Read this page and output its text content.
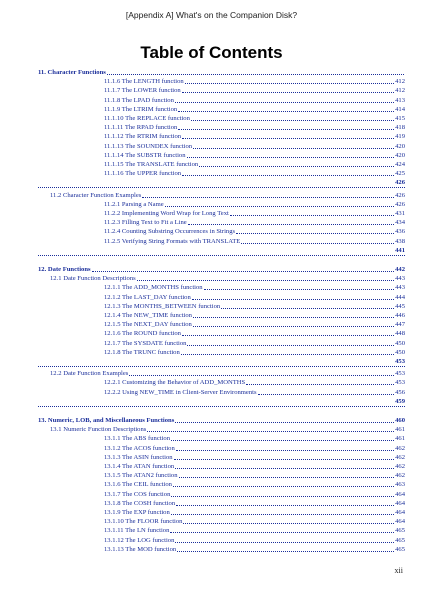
[Appendix A] What's on the Companion Disk?
Table of Contents
11. Character Functions
11.1.6 The LENGTH function	412
11.1.7 The LOWER function	412
11.1.8 The LPAD function	413
11.1.9 The LTRIM function	414
11.1.10 The REPLACE function	415
11.1.11 The RPAD function	418
11.1.12 The RTRIM function	419
11.1.13 The SOUNDEX function	420
11.1.14 The SUBSTR function	420
11.1.15 The TRANSLATE function	424
11.1.16 The UPPER function	425
426
11.2 Character Function Examples	426
11.2.1 Parsing a Name	426
11.2.2 Implementing Word Wrap for Long Text	431
11.2.3 Filling Text to Fit a Line	434
11.2.4 Counting Substring Occurrences in Strings	436
11.2.5 Verifying String Formats with TRANSLATE	438
441
12. Date Functions	442
12.1 Date Function Descriptions	443
12.1.1 The ADD_MONTHS function	443
12.1.2 The LAST_DAY function	444
12.1.3 The MONTHS_BETWEEN function	445
12.1.4 The NEW_TIME function	446
12.1.5 The NEXT_DAY function	447
12.1.6 The ROUND function	448
12.1.7 The SYSDATE function	450
12.1.8 The TRUNC function	450
453
12.2 Date Function Examples	453
12.2.1 Customizing the Behavior of ADD_MONTHS	453
12.2.2 Using NEW_TIME in Client-Server Environments	456
459
13. Numeric, LOB, and Miscellaneous Functions	460
13.1 Numeric Function Descriptions	461
13.1.1 The ABS function	461
13.1.2 The ACOS function	462
13.1.3 The ASIN function	462
13.1.4 The ATAN function	462
13.1.5 The ATAN2 function	462
13.1.6 The CEIL function	463
13.1.7 The COS function	464
13.1.8 The COSH function	464
13.1.9 The EXP function	464
13.1.10 The FLOOR function	464
13.1.11 The LN function	465
13.1.12 The LOG function	465
13.1.13 The MOD function	465
xii
